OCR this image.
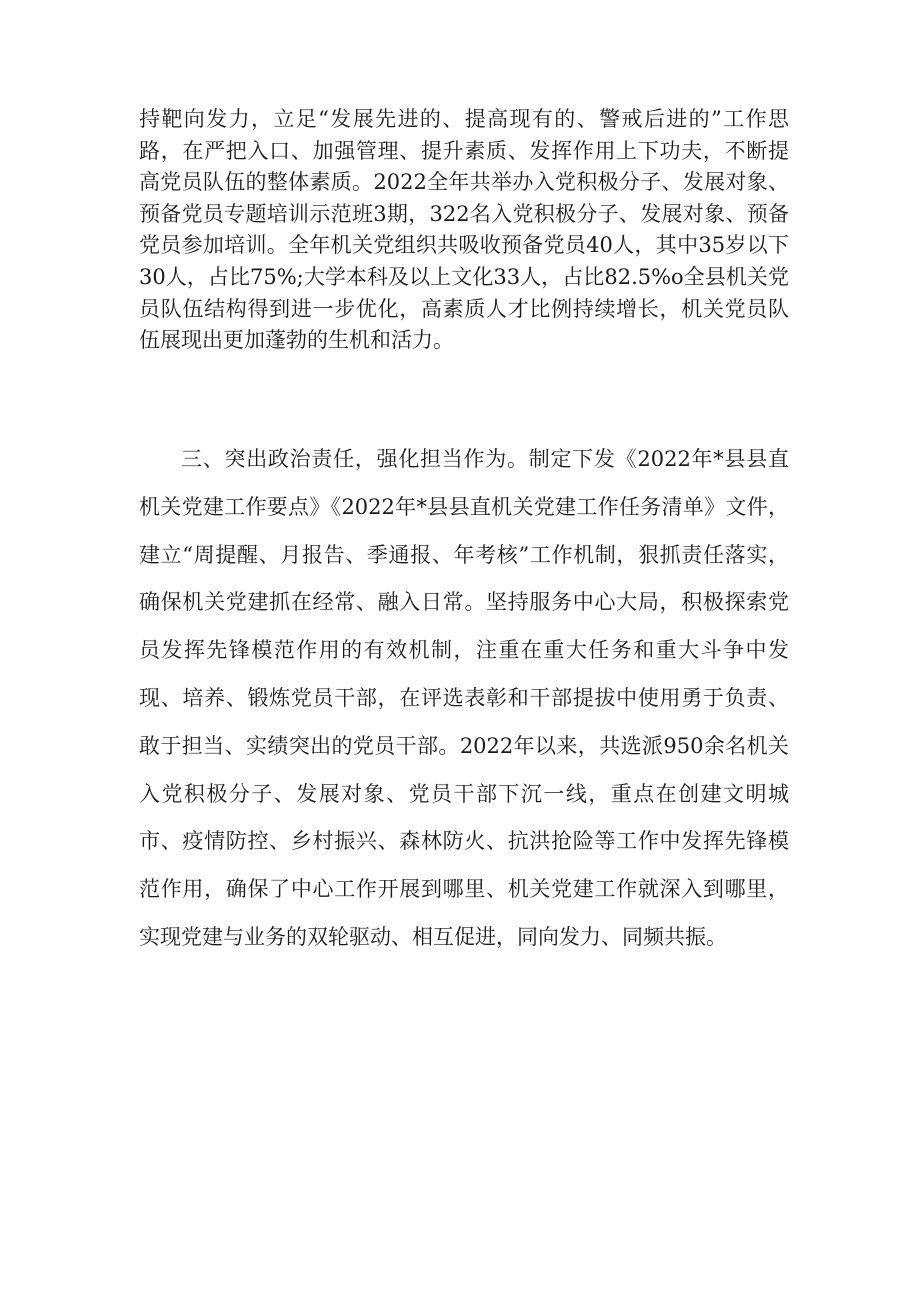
持靶向发力，立足“发展先进的、提高现有的、警戒后进的”工作思路，在严把入口、加强管理、提升素质、发挥作用上下功夫，不断提高党员队伍的整体素质。2022全年共举办入党积极分子、发展对象、预备党员专题培训示范班3期，322名入党积极分子、发展对象、预备党员参加培训。全年机关党组织共吸收预备党员40人，其中35岁以下30人，占比75%;大学本科及以上文化33人，占比82.5%o全县机关党员队伍结构得到进一步优化，高素质人才比例持续增长，机关党员队伍展现出更加蓬勃的生机和活力。

三、突出政治责任，强化担当作为。制定下发《2022年*县县直机关党建工作要点》《2022年*县县直机关党建工作任务清单》文件，建立“周提醒、月报告、季通报、年考核”工作机制，狠抓责任落实，确保机关党建抓在经常、融入日常。坚持服务中心大局，积极探索党员发挥先锋模范作用的有效机制，注重在重大任务和重大斗争中发现、培养、锻炼党员干部，在评选表彰和干部提拔中使用勇于负责、敢于担当、实绩突出的党员干部。2022年以来，共选派950余名机关入党积极分子、发展对象、党员干部下沉一线，重点在创建文明城市、疫情防控、乡村振兴、森林防火、抗洪抢险等工作中发挥先锋模范作用，确保了中心工作开展到哪里、机关党建工作就深入到哪里，实现党建与业务的双轮驱动、相互促进，同向发力、同频共振。
